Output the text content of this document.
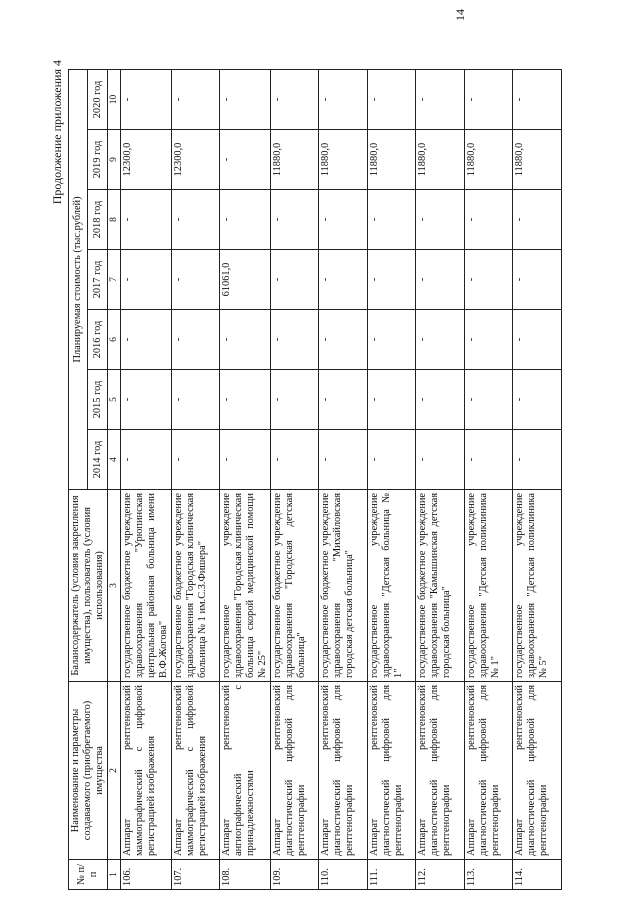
14
Продолжение приложения 4
№ п/п	Наименование и параметры создаваемого (приобретаемого) имущества	Балансодержатель (условия закрепления имущества), пользователь (условия использования)	Планируемая стоимость (тыс.рублей)						
			2014 год	2015 год	2016 год	2017 год	2018 год	2019 год	2020 год
1	2	3	4	5	6	7	8	9	10
106.	Аппарат рентгеновский маммографический с цифровой регистрацией изображения	государственное бюджетное учреждение здравоохранения "Урюпинская центральная районная больница имени В.Ф.Жогова"	-	-	-	-	-	12300,0	-
107.	Аппарат рентгеновский маммографический с цифровой регистрацией изображения	государственное бюджетное учреждение здравоохранения "Городская клиническая больница № 1 им.С.З.Фишера"	-	-	-	-	-	12300,0	-
108.	Аппарат рентгеновский ангиографический с принадлежностями	государственное учреждение здравоохранения "Городская клиническая больница скорой медицинской помощи № 25"	-	-	-	61061,0	-	-	-
109.	Аппарат рентгеновский диагностический цифровой для рентгенографии	государственное бюджетное учреждение здравоохранения "Городская детская больница"	-	-	-	-	-	11880,0	-
110.	Аппарат рентгеновский диагностический цифровой для рентгенографии	государственное бюджетное учреждение здравоохранения "Михайловская городская детская больница"	-	-	-	-	-	11880,0	-
111.	Аппарат рентгеновский диагностический цифровой для рентгенографии	государственное учреждение здравоохранения "Детская больница № 1"	-	-	-	-	-	11880,0	-
112.	Аппарат рентгеновский диагностический цифровой для рентгенографии	государственное бюджетное учреждение здравоохранения "Камышинская детская городская больница"	-	-	-	-	-	11880,0	-
113.	Аппарат рентгеновский диагностический цифровой для рентгенографии	государственное учреждение здравоохранения "Детская поликлиника № 1"	-	-	-	-	-	11880,0	-
114.	Аппарат рентгеновский диагностический цифровой для рентгенографии	государственное учреждение здравоохранения "Детская поликлиника № 5"	-	-	-	-	-	11880,0	-
